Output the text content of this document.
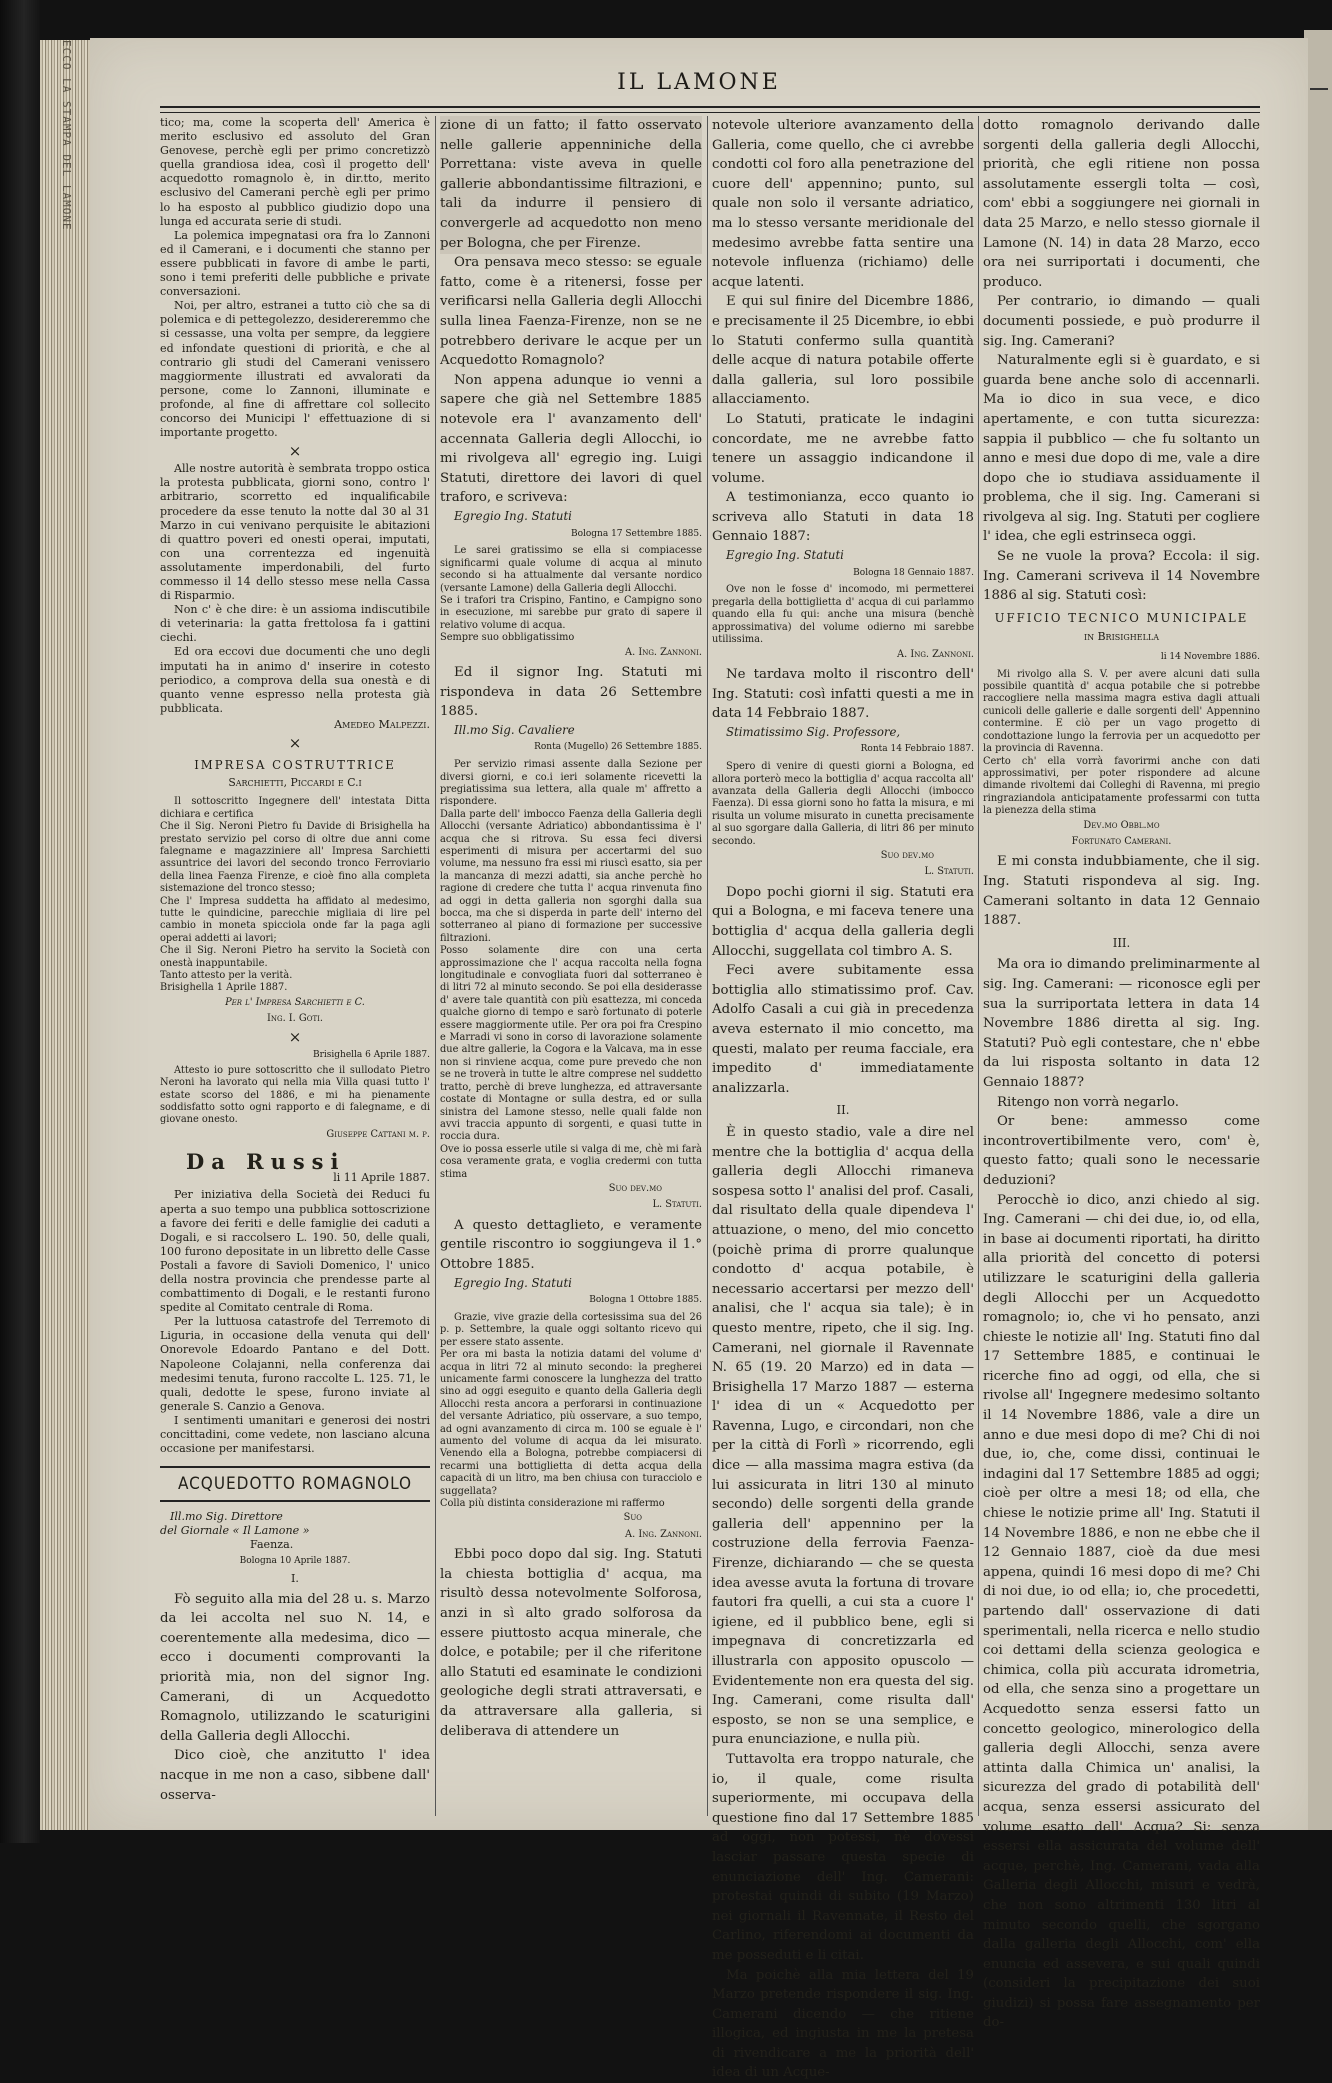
ECCO LA STAMPA DEL LAMONE	IL LAMONE

tico; ma, come la scoperta dell' America è merito esclusivo ed assoluto del Gran Genovese, perchè egli per primo concretizzò quella grandiosa idea, così il progetto dell' acquedotto romagnolo è, in dir.tto, merito esclusivo del Camerani perchè egli per primo lo ha esposto al pubblico giudizio dopo una lunga ed accurata serie di studi.

La polemica impegnatasi ora fra lo Zannoni ed il Camerani, e i documenti che stanno per essere pubblicati in favore di ambe le parti, sono i temi preferiti delle pubbliche e private conversazioni.

Noi, per altro, estranei a tutto ciò che sa di polemica e di pettegolezzo, desidereremmo che si cessasse, una volta per sempre, da leggiere ed infondate questioni di priorità, e che al contrario gli studi del Camerani venissero maggiormente illustrati ed avvalorati da persone, come lo Zannoni, illuminate e profonde, al fine di affrettare col sollecito concorso dei Municipi l' effettuazione di si importante progetto.

×

Alle nostre autorità è sembrata troppo ostica la protesta pubblicata, giorni sono, contro l' arbitrario, scorretto ed inqualificabile procedere da esse tenuto la notte dal 30 al 31 Marzo in cui venivano perquisite le abitazioni di quattro poveri ed onesti operai, imputati, con una correntezza ed ingenuità assolutamente imperdonabili, del furto commesso il 14 dello stesso mese nella Cassa di Risparmio.

Non c' è che dire: è un assioma indiscutibile di veterinaria: la gatta frettolosa fa i gattini ciechi.

Ed ora eccovi due documenti che uno degli imputati ha in animo d' inserire in cotesto periodico, a comprova della sua onestà e di quanto venne espresso nella protesta già pubblicata.

Amedeo Malpezzi.
×
IMPRESA COSTRUTTRICE
Sarchietti, Piccardi e C.i

Il sottoscritto Ingegnere dell' intestata Ditta dichiara e certifica
Che il Sig. Neroni Pietro fu Davide di Brisighella ha prestato servizio pel corso di oltre due anni come falegname e magazziniere all' Impresa Sarchietti assuntrice dei lavori del secondo tronco Ferroviario della linea Faenza Firenze, e cioè fino alla completa sistemazione del tronco stesso;
Che l' Impresa suddetta ha affidato al medesimo, tutte le quindicine, parecchie migliaia di lire pel cambio in moneta spicciola onde far la paga agli operai addetti ai lavori;
Che il Sig. Neroni Pietro ha servito la Società con onestà inappuntabile.
Tanto attesto per la verità.

Brisighella 1 Aprile 1887.

Per l' Impresa Sarchietti e C.
Ing. I. Goti.
×
Brisighella 6 Aprile 1887.

Attesto io pure sottoscritto che il sullodato Pietro Neroni ha lavorato qui nella mia Villa quasi tutto l' estate scorso del 1886, e mi ha pienamente soddisfatto sotto ogni rapporto e di falegname, e di giovane onesto.

Giuseppe Cattani m. p.
Da Russi
li 11 Aprile 1887.

Per iniziativa della Società dei Reduci fu aperta a suo tempo una pubblica sottoscrizione a favore dei feriti e delle famiglie dei caduti a Dogali, e si raccolsero L. 190. 50, delle quali, 100 furono depositate in un libretto delle Casse Postali a favore di Savioli Domenico, l' unico della nostra provincia che prendesse parte al combattimento di Dogali, e le restanti furono spedite al Comitato centrale di Roma.

Per la luttuosa catastrofe del Terremoto di Liguria, in occasione della venuta qui dell' Onorevole Edoardo Pantano e del Dott. Napoleone Colajanni, nella conferenza dai medesimi tenuta, furono raccolte L. 125. 71, le quali, dedotte le spese, furono inviate al generale S. Canzio a Genova.

I sentimenti umanitari e generosi dei nostri concittadini, come vedete, non lasciano alcuna occasione per manifestarsi.

ACQUEDOTTO ROMAGNOLO

Ill.mo Sig. Direttore

del Giornale « Il Lamone »

Faenza.

Bologna 10 Aprile 1887.
I.

Fò seguito alla mia del 28 u. s. Marzo da lei accolta nel suo N. 14, e coerentemente alla medesima, dico — ecco i documenti comprovanti la priorità mia, non del signor Ing. Camerani, di un Acquedotto Romagnolo, utilizzando le scaturigini della Galleria degli Allocchi.

Dico cioè, che anzitutto l' idea nacque in me non a caso, sibbene dall' osserva-

zione di un fatto; il fatto osservato nelle gallerie appenniniche della Porrettana: viste aveva in quelle gallerie abbondantissime filtrazioni, e tali da indurre il pensiero di convergerle ad acquedotto non meno per Bologna, che per Firenze.

Ora pensava meco stesso: se eguale fatto, come è a ritenersi, fosse per verificarsi nella Galleria degli Allocchi sulla linea Faenza-Firenze, non se ne potrebbero derivare le acque per un Acquedotto Romagnolo?

Non appena adunque io venni a sapere che già nel Settembre 1885 notevole era l' avanzamento dell' accennata Galleria degli Allocchi, io mi rivolgeva all' egregio ing. Luigi Statuti, direttore dei lavori di quel traforo, e scriveva:

Egregio Ing. Statuti

Bologna 17 Settembre 1885.

Le sarei gratissimo se ella si compiacesse significarmi quale volume di acqua al minuto secondo si ha attualmente dal versante nordico (versante Lamone) della Galleria degli Allocchi.
Se i trafori tra Crispino, Fantino, e Campigno sono in esecuzione, mi sarebbe pur grato di sapere il relativo volume di acqua.
Sempre suo obbligatissimo

A. Ing. Zannoni.

Ed il signor Ing. Statuti mi rispondeva in data 26 Settembre 1885.

Ill.mo Sig. Cavaliere

Ronta (Mugello) 26 Settembre 1885.

Per servizio rimasi assente dalla Sezione per diversi giorni, e co.i ieri solamente ricevetti la pregiatissima sua lettera, alla quale m' affretto a rispondere.
Dalla parte dell' imbocco Faenza della Galleria degli Allocchi (versante Adriatico) abbondantissima è l' acqua che si ritrova. Su essa feci diversi esperimenti di misura per accertarmi del suo volume, ma nessuno fra essi mi riuscì esatto, sia per la mancanza di mezzi adatti, sia anche perchè ho ragione di credere che tutta l' acqua rinvenuta fino ad oggi in detta galleria non sgorghi dalla sua bocca, ma che si disperda in parte dell' interno del sotterraneo al piano di formazione per successive filtrazioni.
Posso solamente dire con una certa approssimazione che l' acqua raccolta nella fogna longitudinale e convogliata fuori dal sotterraneo è di litri 72 al minuto secondo. Se poi ella desiderasse d' avere tale quantità con più esattezza, mi conceda qualche giorno di tempo e sarò fortunato di poterle essere maggiormente utile. Per ora poi fra Crespino e Marradi vi sono in corso di lavorazione solamente due altre gallerie, la Cogora e la Valcava, ma in esse non si rinviene acqua, come pure prevedo che non se ne troverà in tutte le altre comprese nel suddetto tratto, perchè di breve lunghezza, ed attraversante costate di Montagne or sulla destra, ed or sulla sinistra del Lamone stesso, nelle quali falde non avvi traccia appunto di sorgenti, e quasi tutte in roccia dura.
Ove io possa esserle utile si valga di me, chè mi farà cosa veramente grata, e voglia credermi con tutta stima

Suo dev.mo
L. Statuti.

A questo dettaglieto, e veramente gentile riscontro io soggiungeva il 1.° Ottobre 1885.

Egregio Ing. Statuti

Bologna 1 Ottobre 1885.

Grazie, vive grazie della cortesissima sua del 26 p. p. Settembre, la quale oggi soltanto ricevo qui per essere stato assente.
Per ora mi basta la notizia datami del volume d' acqua in litri 72 al minuto secondo: la pregherei unicamente farmi conoscere la lunghezza del tratto sino ad oggi eseguito e quanto della Galleria degli Allocchi resta ancora a perforarsi in continuazione del versante Adriatico, più osservare, a suo tempo, ad ogni avanzamento di circa m. 100 se eguale è l' aumento del volume di acqua da lei misurato. Venendo ella a Bologna, potrebbe compiacersi di recarmi una bottiglietta di detta acqua della capacità di un litro, ma ben chiusa con turacciolo e suggellata?
Colla più distinta considerazione mi raffermo

Suo
A. Ing. Zannoni.

Ebbi poco dopo dal sig. Ing. Statuti la chiesta bottiglia d' acqua, ma risultò dessa notevolmente Solforosa, anzi in sì alto grado solforosa da essere piuttosto acqua minerale, che dolce, e potabile; per il che riferitone allo Statuti ed esaminate le condizioni geologiche degli strati attraversati, e da attraversare alla galleria, si deliberava di attendere un

notevole ulteriore avanzamento della Galleria, come quello, che ci avrebbe condotti col foro alla penetrazione del cuore dell' appennino; punto, sul quale non solo il versante adriatico, ma lo stesso versante meridionale del medesimo avrebbe fatta sentire una notevole influenza (richiamo) delle acque latenti.

E qui sul finire del Dicembre 1886, e precisamente il 25 Dicembre, io ebbi lo Statuti confermo sulla quantità delle acque di natura potabile offerte dalla galleria, sul loro possibile allacciamento.

Lo Statuti, praticate le indagini concordate, me ne avrebbe fatto tenere un assaggio indicandone il volume.

A testimonianza, ecco quanto io scriveva allo Statuti in data 18 Gennaio 1887:

Egregio Ing. Statuti

Bologna 18 Gennaio 1887.

Ove non le fosse d' incomodo, mi permetterei pregarla della bottiglietta d' acqua di cui parlammo quando ella fu qui: anche una misura (benchè approssimativa) del volume odierno mi sarebbe utilissima.

A. Ing. Zannoni.

Ne tardava molto il riscontro dell' Ing. Statuti: così infatti questi a me in data 14 Febbraio 1887.

Stimatissimo Sig. Professore,

Ronta 14 Febbraio 1887.

Spero di venire di questi giorni a Bologna, ed allora porterò meco la bottiglia d' acqua raccolta all' avanzata della Galleria degli Allocchi (imbocco Faenza). Di essa giorni sono ho fatta la misura, e mi risulta un volume misurato in cunetta precisamente al suo sgorgare dalla Galleria, di litri 86 per minuto secondo.

Suo dev.mo
L. Statuti.

Dopo pochi giorni il sig. Statuti era qui a Bologna, e mi faceva tenere una bottiglia d' acqua della galleria degli Allocchi, suggellata col timbro A. S.

Feci avere subitamente essa bottiglia allo stimatissimo prof. Cav. Adolfo Casali a cui già in precedenza aveva esternato il mio concetto, ma questi, malato per reuma facciale, era impedito d' immediatamente analizzarla.

II.

È in questo stadio, vale a dire nel mentre che la bottiglia d' acqua della galleria degli Allocchi rimaneva sospesa sotto l' analisi del prof. Casali, dal risultato della quale dipendeva l' attuazione, o meno, del mio concetto (poichè prima di prorre qualunque condotto d' acqua potabile, è necessario accertarsi per mezzo dell' analisi, che l' acqua sia tale); è in questo mentre, ripeto, che il sig. Ing. Camerani, nel giornale il Ravennate N. 65 (19. 20 Marzo) ed in data — Brisighella 17 Marzo 1887 — esterna l' idea di un « Acquedotto per Ravenna, Lugo, e circondari, non che per la città di Forlì » ricorrendo, egli dice — alla massima magra estiva (da lui assicurata in litri 130 al minuto secondo) delle sorgenti della grande galleria dell' appennino per la costruzione della ferrovia Faenza-Firenze, dichiarando — che se questa idea avesse avuta la fortuna di trovare fautori fra quelli, a cui sta a cuore l' igiene, ed il pubblico bene, egli si impegnava di concretizzarla ed illustrarla con apposito opuscolo — Evidentemente non era questa del sig. Ing. Camerani, come risulta dall' esposto, se non se una semplice, e pura enunciazione, e nulla più.

Tuttavolta era troppo naturale, che io, il quale, come risulta superiormente, mi occupava della questione fino dal 17 Settembre 1885 ad oggi, non potessi, nè dovessi lasciar passare questa specie di enunciazione dell' Ing. Camerani: protestai quindi di subito (19 Marzo) nei giornali il Ravennate, il Resto del Carlino, riferendomi ai documenti da me posseduti e li citai.

Ma poichè alla mia lettera del 19 Marzo pretende rispondere il sig. Ing. Camerani dicendo — che ritiene illogica, ed ingiusta in me la pretesa di rivendicare a me la priorità dell' idea di un Acque-

dotto romagnolo derivando dalle sorgenti della galleria degli Allocchi, priorità, che egli ritiene non possa assolutamente essergli tolta — così, com' ebbi a soggiungere nei giornali in data 25 Marzo, e nello stesso giornale il Lamone (N. 14) in data 28 Marzo, ecco ora nei surriportati i documenti, che produco.

Per contrario, io dimando — quali documenti possiede, e può produrre il sig. Ing. Camerani?

Naturalmente egli si è guardato, e si guarda bene anche solo di accennarli. Ma io dico in sua vece, e dico apertamente, e con tutta sicurezza: sappia il pubblico — che fu soltanto un anno e mesi due dopo di me, vale a dire dopo che io studiava assiduamente il problema, che il sig. Ing. Camerani si rivolgeva al sig. Ing. Statuti per cogliere l' idea, che egli estrinseca oggi.

Se ne vuole la prova? Eccola: il sig. Ing. Camerani scriveva il 14 Novembre 1886 al sig. Statuti così:

UFFICIO TECNICO MUNICIPALE
in Brisighella
li 14 Novembre 1886.

Mi rivolgo alla S. V. per avere alcuni dati sulla possibile quantità d' acqua potabile che si potrebbe raccogliere nella massima magra estiva dagli attuali cunicoli delle gallerie e dalle sorgenti dell' Appennino contermine. E ciò per un vago progetto di condottazione lungo la ferrovia per un acquedotto per la provincia di Ravenna.
Certo ch' ella vorrà favorirmi anche con dati approssimativi, per poter rispondere ad alcune dimande rivoltemi dai Colleghi di Ravenna, mi pregio ringraziandola anticipatamente professarmi con tutta la pienezza della stima

Dev.mo Obbl.mo
Fortunato Camerani.

E mi consta indubbiamente, che il sig. Ing. Statuti rispondeva al sig. Ing. Camerani soltanto in data 12 Gennaio 1887.

III.

Ma ora io dimando preliminarmente al sig. Ing. Camerani: — riconosce egli per sua la surriportata lettera in data 14 Novembre 1886 diretta al sig. Ing. Statuti? Può egli contestare, che n' ebbe da lui risposta soltanto in data 12 Gennaio 1887?

Ritengo non vorrà negarlo.

Or bene: ammesso come incontrovertibilmente vero, com' è, questo fatto; quali sono le necessarie deduzioni?

Perocchè io dico, anzi chiedo al sig. Ing. Camerani — chi dei due, io, od ella, in base ai documenti riportati, ha diritto alla priorità del concetto di potersi utilizzare le scaturigini della galleria degli Allocchi per un Acquedotto romagnolo; io, che vi ho pensato, anzi chieste le notizie all' Ing. Statuti fino dal 17 Settembre 1885, e continuai le ricerche fino ad oggi, od ella, che si rivolse all' Ingegnere medesimo soltanto il 14 Novembre 1886, vale a dire un anno e due mesi dopo di me? Chi di noi due, io, che, come dissi, continuai le indagini dal 17 Settembre 1885 ad oggi; cioè per oltre a mesi 18; od ella, che chiese le notizie prime all' Ing. Statuti il 14 Novembre 1886, e non ne ebbe che il 12 Gennaio 1887, cioè da due mesi appena, quindi 16 mesi dopo di me? Chi di noi due, io od ella; io, che procedetti, partendo dall' osservazione di dati sperimentali, nella ricerca e nello studio coi dettami della scienza geologica e chimica, colla più accurata idrometria, od ella, che senza sino a progettare un Acquedotto senza essersi fatto un concetto geologico, minerologico della galleria degli Allocchi, senza avere attinta dalla Chimica un' analisi, la sicurezza del grado di potabilità dell' acqua, senza essersi assicurato del volume esatto dell' Acqua? Si: senza essersi ella assicurata del volume dell' acque, perchè, Ing. Camerani, vada alla Galleria degli Allocchi, misuri e vedrà, che non sono altrimenti 130 litri al minuto secondo quelli, che sgorgano dalla galleria degli Allocchi, com' ella enuncia ed assevera, e sui quali quindi (consideri la precipitazione dei suoi giudizi) si possa fare assegnamento per do-
